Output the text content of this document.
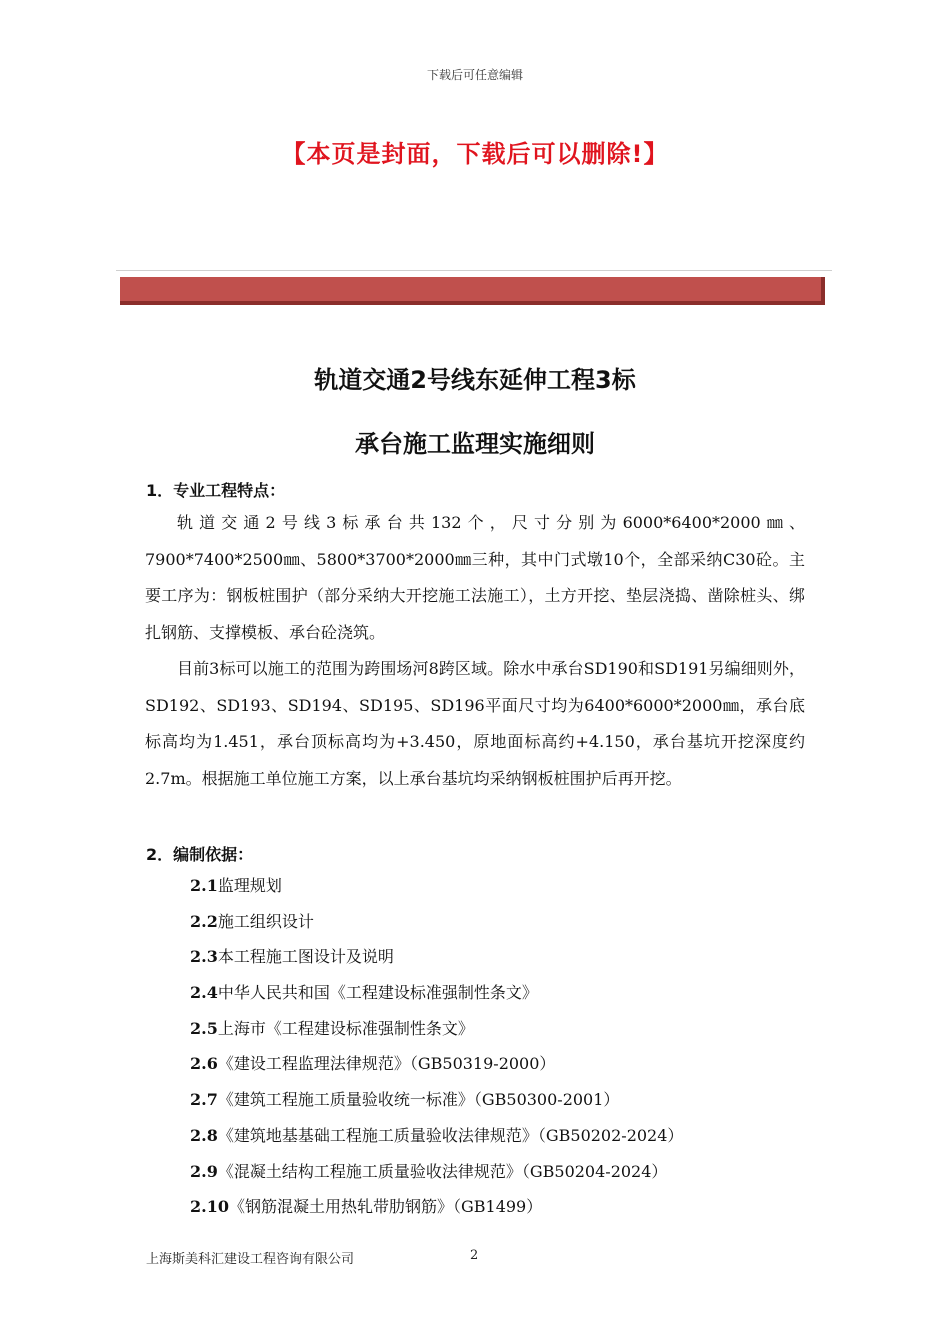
下载后可任意编辑
【本页是封面，下载后可以删除!】
轨道交通2号线东延伸工程3标
承台施工监理实施细则
1．专业工程特点：
轨道交通2号线3标承台共132个，尺寸分别为6000*6400*2000㎜、7900*7400*2500㎜、5800*3700*2000㎜三种，其中门式墩10个，全部采纳C30砼。主要工序为：钢板桩围护（部分采纳大开挖施工法施工），土方开挖、垫层浇捣、凿除桩头、绑扎钢筋、支撑模板、承台砼浇筑。
目前3标可以施工的范围为跨围场河8跨区域。除水中承台SD190和SD191另编细则外，SD192、SD193、SD194、SD195、SD196平面尺寸均为6400*6000*2000㎜，承台底标高均为1.451，承台顶标高均为+3.450，原地面标高约+4.150，承台基坑开挖深度约2.7m。根据施工单位施工方案，以上承台基坑均采纳钢板桩围护后再开挖。
2．编制依据：
2.1监理规划
2.2施工组织设计
2.3本工程施工图设计及说明
2.4中华人民共和国《工程建设标准强制性条文》
2.5上海市《工程建设标准强制性条文》
2.6《建设工程监理法律规范》（GB50319-2000）
2.7《建筑工程施工质量验收统一标准》（GB50300-2001）
2.8《建筑地基基础工程施工质量验收法律规范》（GB50202-2024）
2.9《混凝土结构工程施工质量验收法律规范》（GB50204-2024）
2.10《钢筋混凝土用热轧带肋钢筋》（GB1499）
上海斯美科汇建设工程咨询有限公司	2
